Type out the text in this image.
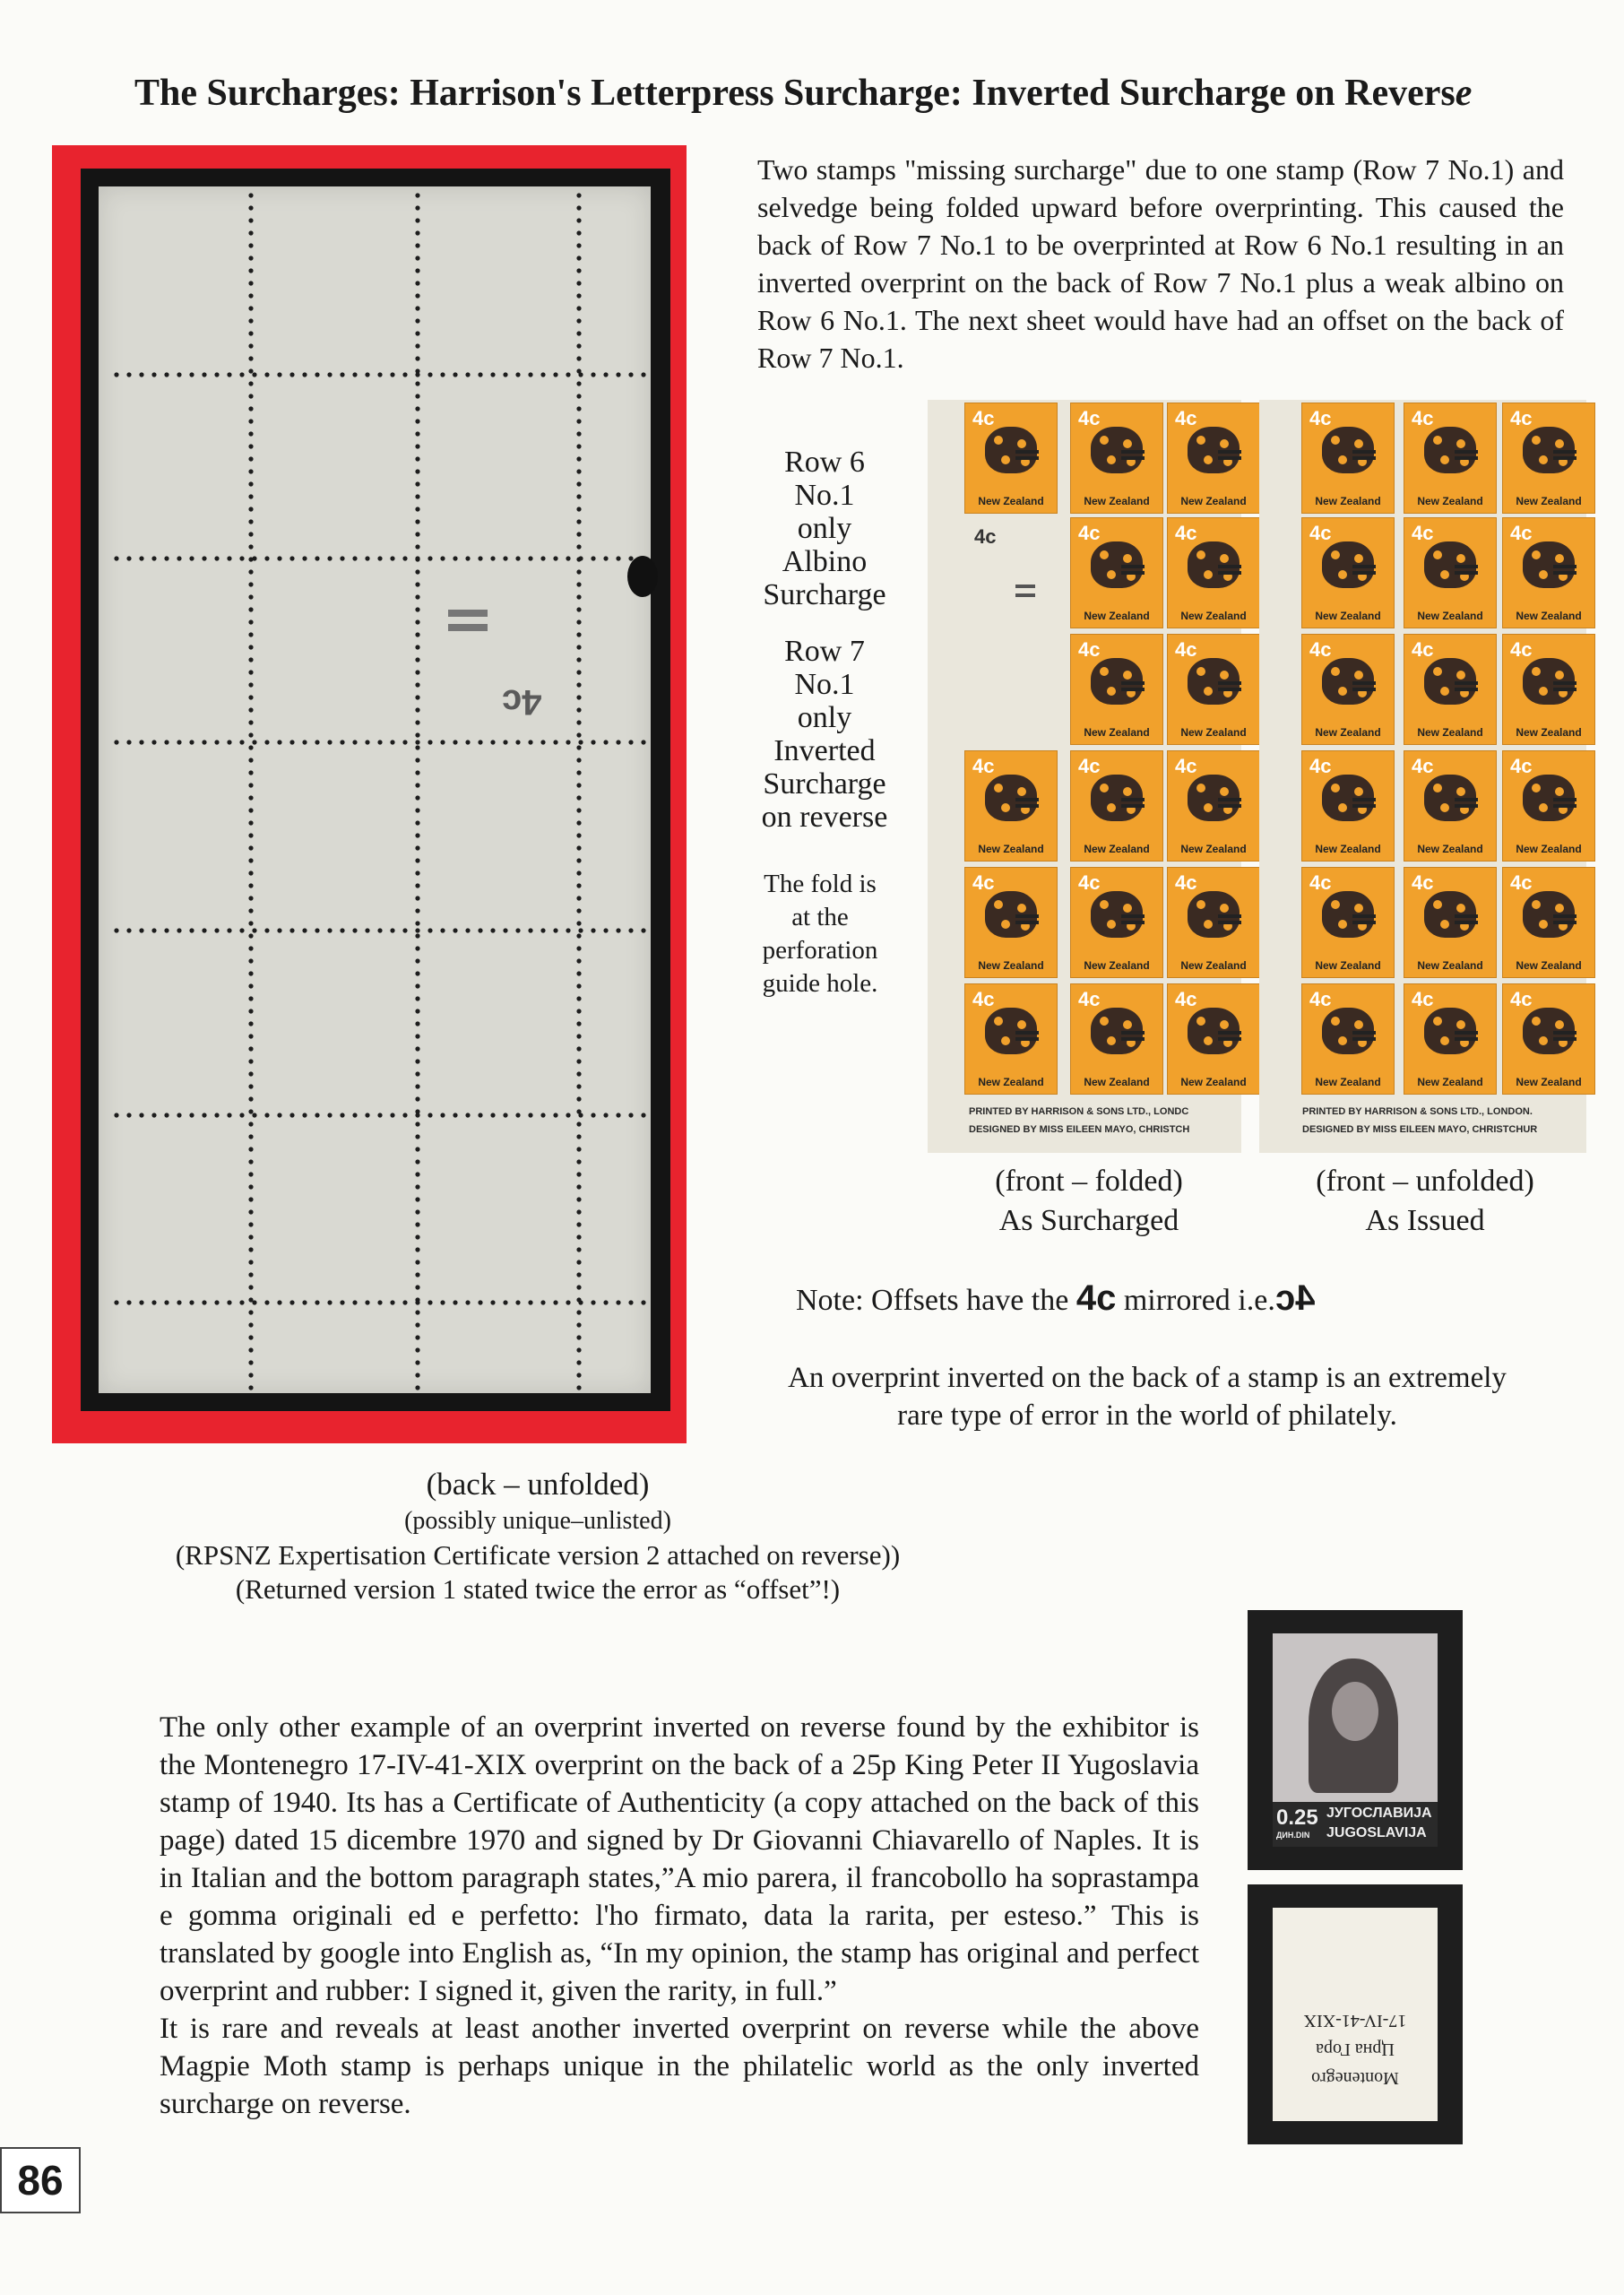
The Surcharges: Harrison's Letterpress Surcharge: Inverted Surcharge on Reverse
4c
Two stamps "missing surcharge" due to one stamp (Row 7 No.1) and selvedge being folded upward before overprinting. This caused the back of Row 7 No.1 to be overprinted at Row 6 No.1 resulting in an inverted overprint on the back of Row 7 No.1 plus a weak albino on Row 6 No.1. The next sheet would have had an offset on the back of Row 7 No.1.
Row 6
No.1
only
Albino
Surcharge
Row 7
No.1
only
Inverted
Surcharge
on reverse
The fold is
at the
perforation
guide hole.
4c
PRINTED BY HARRISON & SONS LTD., LONDC
DESIGNED BY MISS EILEEN MAYO, CHRISTCH
4c
New Zealand
4c
New Zealand
4c
New Zealand
4c
New Zealand
4c
New Zealand
4c
New Zealand
4c
New Zealand
4c
New Zealand
4c
New Zealand
4c
New Zealand
4c
New Zealand
4c
New Zealand
4c
New Zealand
4c
New Zealand
4c
New Zealand
4c
New Zealand
PRINTED BY HARRISON & SONS LTD., LONDON.
DESIGNED BY MISS EILEEN MAYO, CHRISTCHUR
4c
New Zealand
4c
New Zealand
4c
New Zealand
4c
New Zealand
4c
New Zealand
4c
New Zealand
4c
New Zealand
4c
New Zealand
4c
New Zealand
4c
New Zealand
4c
New Zealand
4c
New Zealand
4c
New Zealand
4c
New Zealand
4c
New Zealand
4c
New Zealand
4c
New Zealand
4c
New Zealand
(front – folded)
As Surcharged
(front – unfolded)
As Issued
Note: Offsets have the 4c mirrored i.e.4c
An overprint inverted on the back of a stamp is an extremely rare type of error in the world of philately.
(back – unfolded)
(possibly unique–unlisted)
(RPSNZ Expertisation Certificate version 2 attached on reverse))
(Returned version 1 stated twice the error as “offset”!)
The only other example of an overprint inverted on reverse found by the exhibitor is the Montenegro 17-IV-41-XIX overprint on the back of a 25p King Peter II Yugoslavia stamp of 1940. Its has a Certificate of Authenticity (a copy attached on the back of this page) dated 15 dicembre 1970 and signed by Dr Giovanni Chiavarello of Naples. It is in Italian and the bottom paragraph states,”A mio parera, il francobollo ha soprastampa e gomma originali ed e perfetto: l'ho firmato, data la rarita, per esteso.” This is translated by google into English as, “In my opinion, the stamp has original and perfect overprint and rubber: I signed it, given the rarity, in full.”
It is rare and reveals at least another inverted overprint on reverse while the above Magpie Moth stamp is perhaps unique in the philatelic world as the only inverted surcharge on reverse.
0.25 ЈУГОСЛАВИЈА
JUGOSLAVIJA
ДИН.DIN
Montenegro
Црна Гора
17-IV-41-XIX
86
